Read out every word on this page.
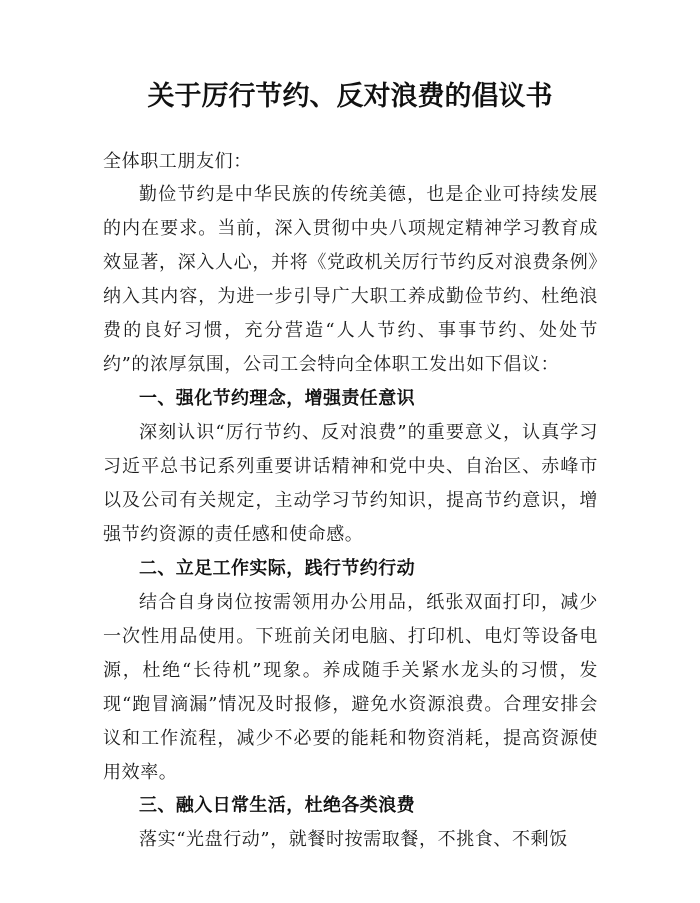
关于厉行节约、反对浪费的倡议书

全体职工朋友们：

勤俭节约是中华民族的传统美德，也是企业可持续发展的内在要求。当前，深入贯彻中央八项规定精神学习教育成效显著，深入人心，并将《党政机关厉行节约反对浪费条例》纳入其内容，为进一步引导广大职工养成勤俭节约、杜绝浪费的良好习惯，充分营造“人人节约、事事节约、处处节约”的浓厚氛围，公司工会特向全体职工发出如下倡议：

一、强化节约理念，增强责任意识

深刻认识“厉行节约、反对浪费”的重要意义，认真学习习近平总书记系列重要讲话精神和党中央、自治区、赤峰市以及公司有关规定，主动学习节约知识，提高节约意识，增强节约资源的责任感和使命感。

二、立足工作实际，践行节约行动

结合自身岗位按需领用办公用品，纸张双面打印，减少一次性用品使用。下班前关闭电脑、打印机、电灯等设备电源，杜绝“长待机”现象。养成随手关紧水龙头的习惯，发现“跑冒滴漏”情况及时报修，避免水资源浪费。合理安排会议和工作流程，减少不必要的能耗和物资消耗，提高资源使用效率。

三、融入日常生活，杜绝各类浪费

落实“光盘行动”，就餐时按需取餐，不挑食、不剩饭
